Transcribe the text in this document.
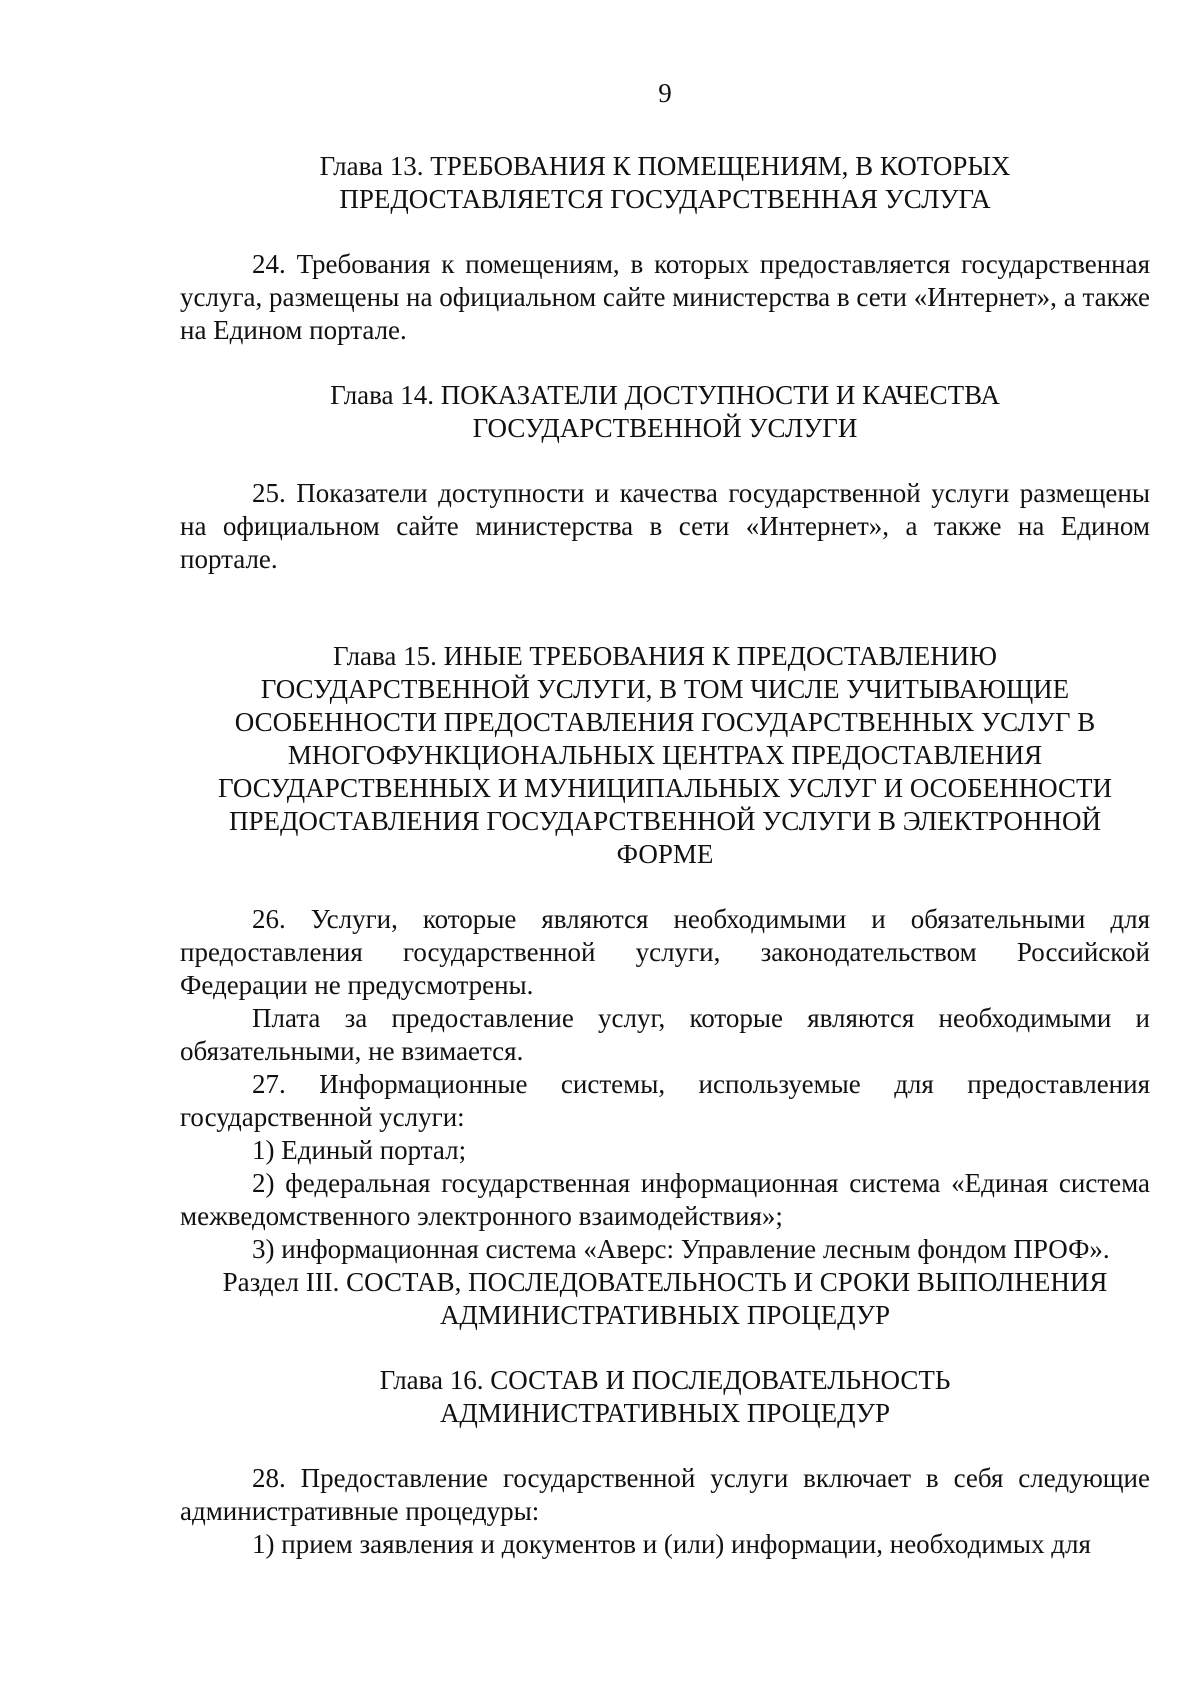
9
Глава 13. ТРЕБОВАНИЯ К ПОМЕЩЕНИЯМ, В КОТОРЫХ
ПРЕДОСТАВЛЯЕТСЯ ГОСУДАРСТВЕННАЯ УСЛУГА

24. Требования к помещениям, в которых предоставляется государственная услуга, размещены на официальном сайте министерства в сети «Интернет», а также на Едином портале.

Глава 14. ПОКАЗАТЕЛИ ДОСТУПНОСТИ И КАЧЕСТВА
ГОСУДАРСТВЕННОЙ УСЛУГИ

25. Показатели доступности и качества государственной услуги размещены на официальном сайте министерства в сети «Интернет», а также на Едином портале.

Глава 15. ИНЫЕ ТРЕБОВАНИЯ К ПРЕДОСТАВЛЕНИЮ
ГОСУДАРСТВЕННОЙ УСЛУГИ, В ТОМ ЧИСЛЕ УЧИТЫВАЮЩИЕ
ОСОБЕННОСТИ ПРЕДОСТАВЛЕНИЯ ГОСУДАРСТВЕННЫХ УСЛУГ В
МНОГОФУНКЦИОНАЛЬНЫХ ЦЕНТРАХ ПРЕДОСТАВЛЕНИЯ
ГОСУДАРСТВЕННЫХ И МУНИЦИПАЛЬНЫХ УСЛУГ И ОСОБЕННОСТИ
ПРЕДОСТАВЛЕНИЯ ГОСУДАРСТВЕННОЙ УСЛУГИ В ЭЛЕКТРОННОЙ
ФОРМЕ

26. Услуги, которые являются необходимыми и обязательными для предоставления государственной услуги, законодательством Российской Федерации не предусмотрены.

Плата за предоставление услуг, которые являются необходимыми и обязательными, не взимается.

27. Информационные системы, используемые для предоставления государственной услуги:

1) Единый портал;

2) федеральная государственная информационная система «Единая система межведомственного электронного взаимодействия»;

3) информационная система «Аверс: Управление лесным фондом ПРОФ».

Раздел III. СОСТАВ, ПОСЛЕДОВАТЕЛЬНОСТЬ И СРОКИ ВЫПОЛНЕНИЯ
АДМИНИСТРАТИВНЫХ ПРОЦЕДУР
Глава 16. СОСТАВ И ПОСЛЕДОВАТЕЛЬНОСТЬ
АДМИНИСТРАТИВНЫХ ПРОЦЕДУР

28. Предоставление государственной услуги включает в себя следующие административные процедуры:

1) прием заявления и документов и (или) информации, необходимых для
